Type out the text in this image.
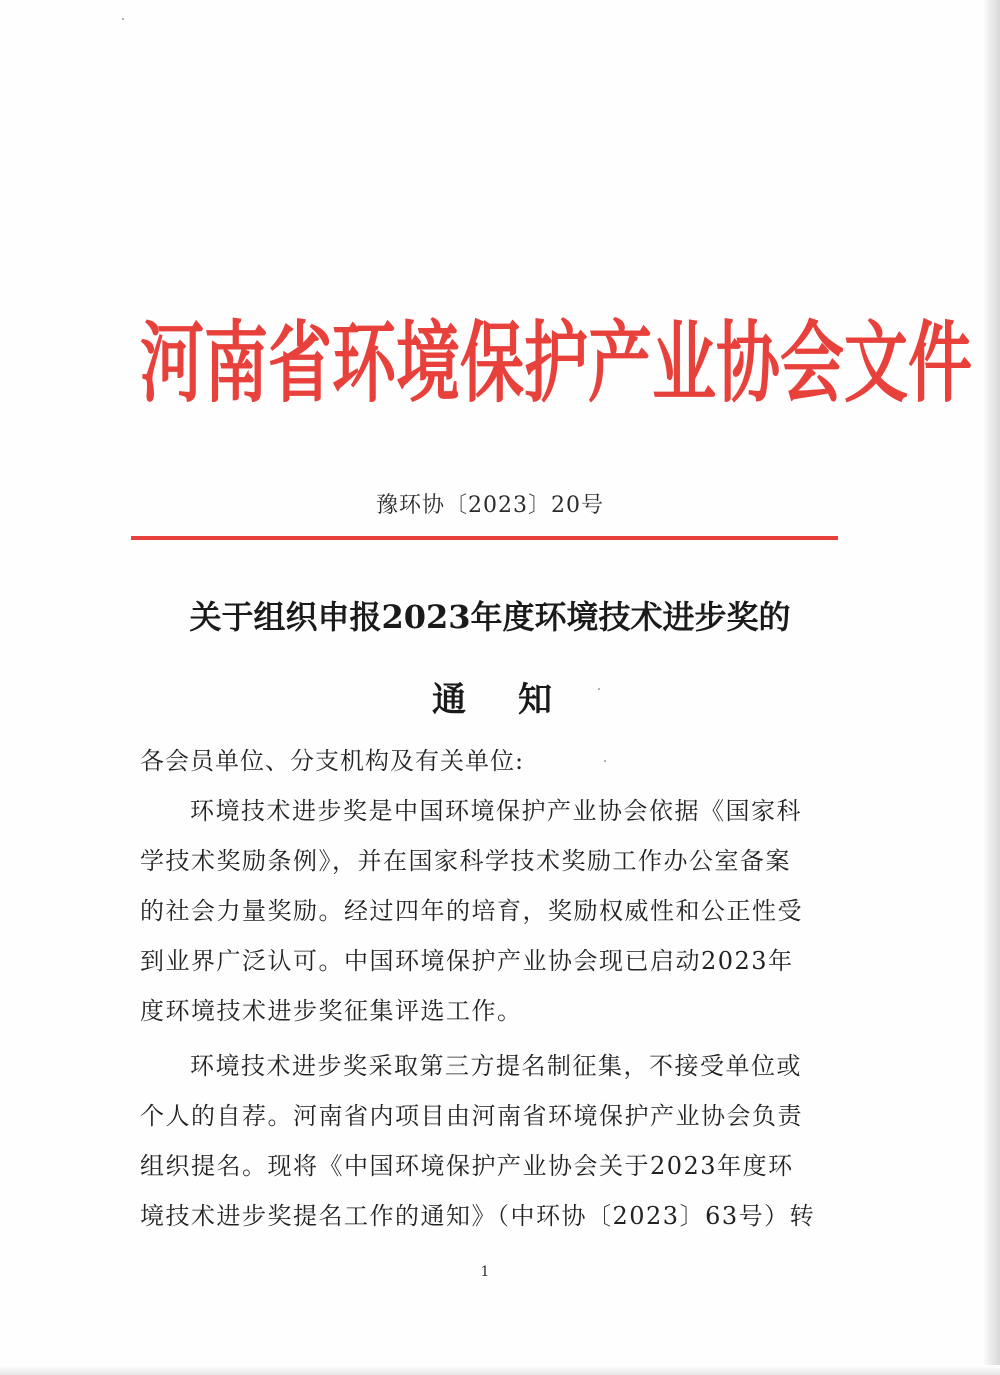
河南省环境保护产业协会文件
豫环协〔2023〕20号
关于组织申报2023年度环境技术进步奖的
通知
各会员单位、分支机构及有关单位:
环境技术进步奖是中国环境保护产业协会依据《国家科
学技术奖励条例》，并在国家科学技术奖励工作办公室备案
的社会力量奖励。经过四年的培育，奖励权威性和公正性受
到业界广泛认可。中国环境保护产业协会现已启动2023年
度环境技术进步奖征集评选工作。
环境技术进步奖采取第三方提名制征集，不接受单位或
个人的自荐。河南省内项目由河南省环境保护产业协会负责
组织提名。现将《中国环境保护产业协会关于2023年度环
境技术进步奖提名工作的通知》（中环协〔2023〕63号）转
1
